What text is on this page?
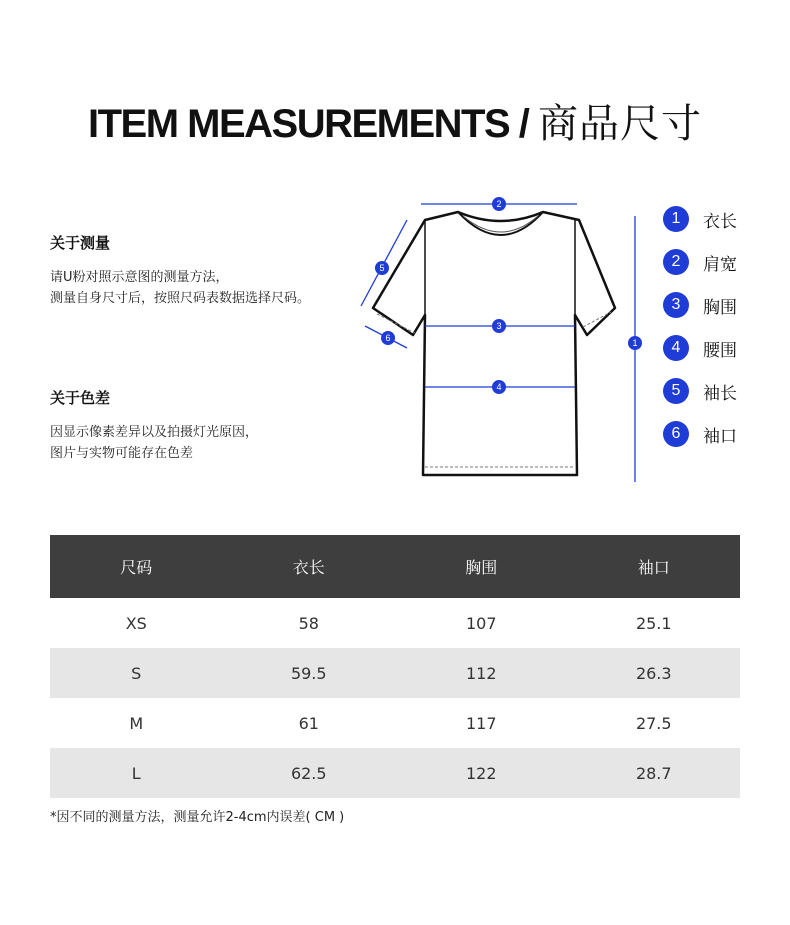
ITEM MEASUREMENTS / 商品尺寸
关于测量
请U粉对照示意图的测量方法，
测量自身尺寸后，按照尺码表数据选择尺码。
关于色差
因显示像素差异以及拍摄灯光原因，
图片与实物可能存在色差
2
3
4
1
5
6
1	衣长
2	肩宽
3	胸围
4	腰围
5	袖长
6	袖口
尺码	衣长	胸围	袖口
XS	58	107	25.1
S	59.5	112	26.3
M	61	117	27.5
L	62.5	122	28.7
*因不同的测量方法，测量允许2-4cm内误差( CM )
